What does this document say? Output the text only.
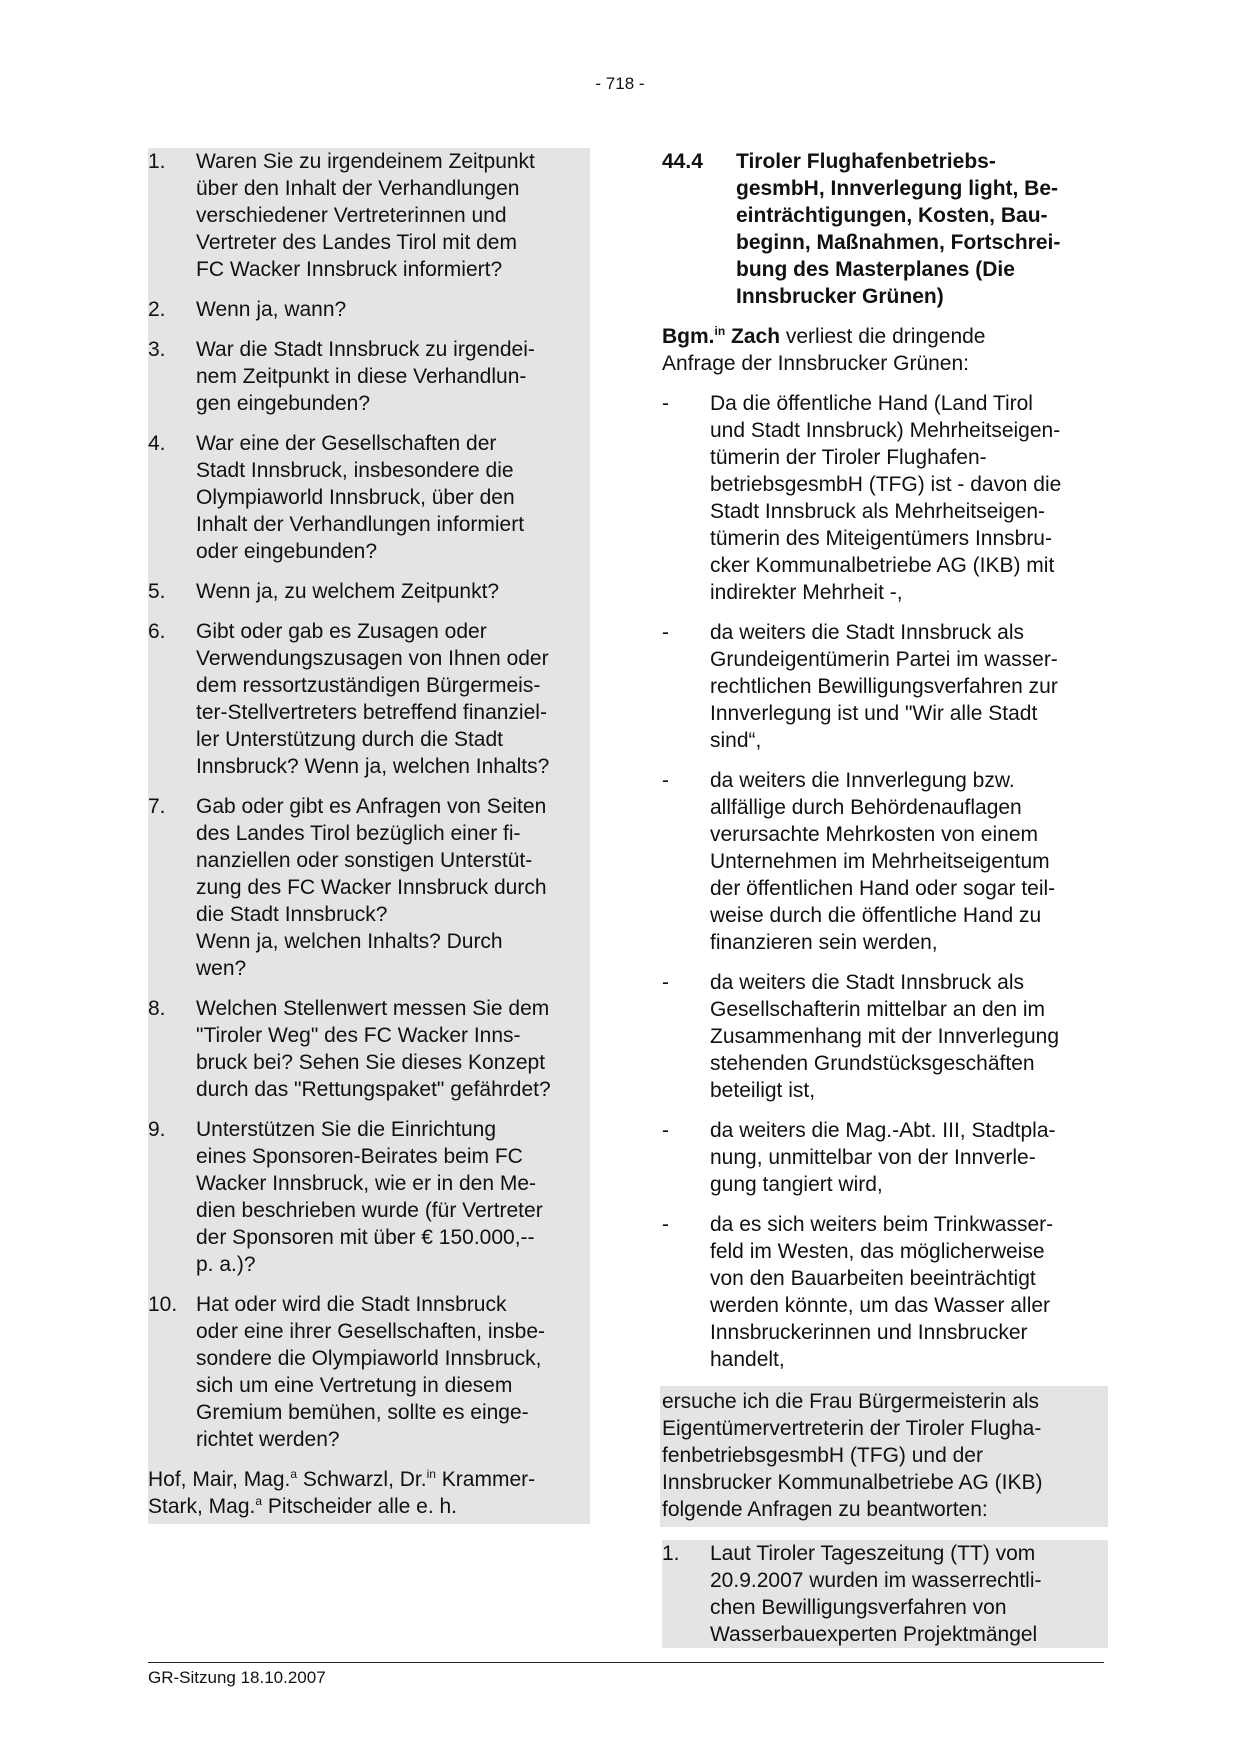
- 718 -
1.	Waren Sie zu irgendeinem Zeitpunkt
über den Inhalt der Verhandlungen
verschiedener Vertreterinnen und
Vertreter des Landes Tirol mit dem
FC Wacker Innsbruck informiert?
2.	Wenn ja, wann?
3.	War die Stadt Innsbruck zu irgendei-
nem Zeitpunkt in diese Verhandlun-
gen eingebunden?
4.	War eine der Gesellschaften der
Stadt Innsbruck, insbesondere die
Olympiaworld Innsbruck, über den
Inhalt der Verhandlungen informiert
oder eingebunden?
5.	Wenn ja, zu welchem Zeitpunkt?
6.	Gibt oder gab es Zusagen oder
Verwendungszusagen von Ihnen oder
dem ressortzuständigen Bürgermeis-
ter-Stellvertreters betreffend finanziel-
ler Unterstützung durch die Stadt
Innsbruck? Wenn ja, welchen Inhalts?
7.	Gab oder gibt es Anfragen von Seiten
des Landes Tirol bezüglich einer fi-
nanziellen oder sonstigen Unterstüt-
zung des FC Wacker Innsbruck durch
die Stadt Innsbruck?
Wenn ja, welchen Inhalts? Durch
wen?
8.	Welchen Stellenwert messen Sie dem
"Tiroler Weg" des FC Wacker Inns-
bruck bei? Sehen Sie dieses Konzept
durch das "Rettungspaket" gefährdet?
9.	Unterstützen Sie die Einrichtung
eines Sponsoren-Beirates beim FC
Wacker Innsbruck, wie er in den Me-
dien beschrieben wurde (für Vertreter
der Sponsoren mit über € 150.000,--
p. a.)?
10. Hat oder wird die Stadt Innsbruck
oder eine ihrer Gesellschaften, insbe-
sondere die Olympiaworld Innsbruck,
sich um eine Vertretung in diesem
Gremium bemühen, sollte es einge-
richtet werden?
Hof, Mair, Mag.$^a$ Schwarzl, Dr.$^{in}$ Krammer-
Stark, Mag.$^a$ Pitscheider alle e. h.
44.4	Tiroler Flughafenbetriebs-
gesmbH, Innverlegung light, Be-
einträchtigungen, Kosten, Bau-
beginn, Maßnahmen, Fortschrei-
bung des Masterplanes (Die
Innsbrucker Grünen)
Bgm.$^{in}$ Zach verliest die dringende
Anfrage der Innsbrucker Grünen:
-	Da die öffentliche Hand (Land Tirol
und Stadt Innsbruck) Mehrheitseigen-
tümerin der Tiroler Flughafen-
betriebsgesmbH (TFG) ist - davon die
Stadt Innsbruck als Mehrheitseigen-
tümerin des Miteigentümers Innsbru-
cker Kommunalbetriebe AG (IKB) mit
indirekter Mehrheit -,
-	da weiters die Stadt Innsbruck als
Grundeigentümerin Partei im wasser-
rechtlichen Bewilligungsverfahren zur
Innverlegung ist und "Wir alle Stadt
sind“,
-	da weiters die Innverlegung bzw.
allfällige durch Behördenauflagen
verursachte Mehrkosten von einem
Unternehmen im Mehrheitseigentum
der öffentlichen Hand oder sogar teil-
weise durch die öffentliche Hand zu
finanzieren sein werden,
-	da weiters die Stadt Innsbruck als
Gesellschafterin mittelbar an den im
Zusammenhang mit der Innverlegung
stehenden Grundstücksgeschäften
beteiligt ist,
-	da weiters die Mag.-Abt. III, Stadtpla-
nung, unmittelbar von der Innverle-
gung tangiert wird,
-	da es sich weiters beim Trinkwasser-
feld im Westen, das möglicherweise
von den Bauarbeiten beeinträchtigt
werden könnte, um das Wasser aller
Innsbruckerinnen und Innsbrucker
handelt,
ersuche ich die Frau Bürgermeisterin als
Eigentümervertreterin der Tiroler Flugha-
fenbetriebsgesmbH (TFG) und der
Innsbrucker Kommunalbetriebe AG (IKB)
folgende Anfragen zu beantworten:
1.	Laut Tiroler Tageszeitung (TT) vom
20.9.2007 wurden im wasserrechtli-
chen Bewilligungsverfahren von
Wasserbauexperten Projektmängel
GR-Sitzung 18.10.2007
